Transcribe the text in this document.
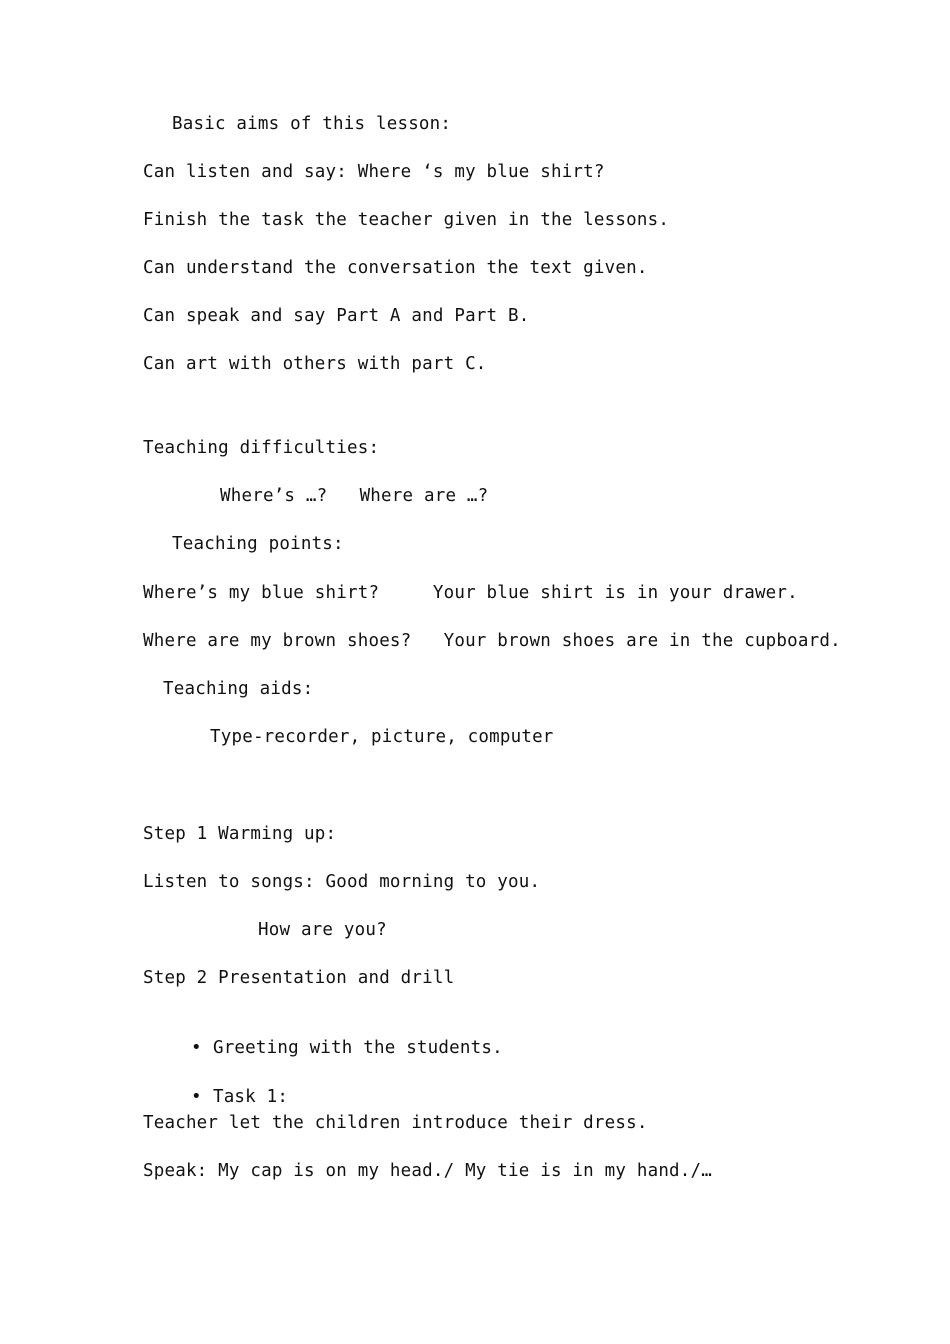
Basic aims of this lesson:
Can listen and say: Where ‘s my blue shirt?
Finish the task the teacher given in the lessons.
Can understand the conversation the text given.
Can speak and say Part A and Part B.
Can art with others with part C.
Teaching difficulties:
Where’s …?   Where are …?
Teaching points:
Where’s my blue shirt?     Your blue shirt is in your drawer.
Where are my brown shoes?   Your brown shoes are in the cupboard.
Teaching aids:
Type-recorder, picture, computer
Step 1 Warming up:
Listen to songs: Good morning to you.
How are you?
Step 2 Presentation and drill

• Greeting with the students.

• Task 1:

Teacher let the children introduce their dress.
Speak: My cap is on my head./ My tie is in my hand./…
